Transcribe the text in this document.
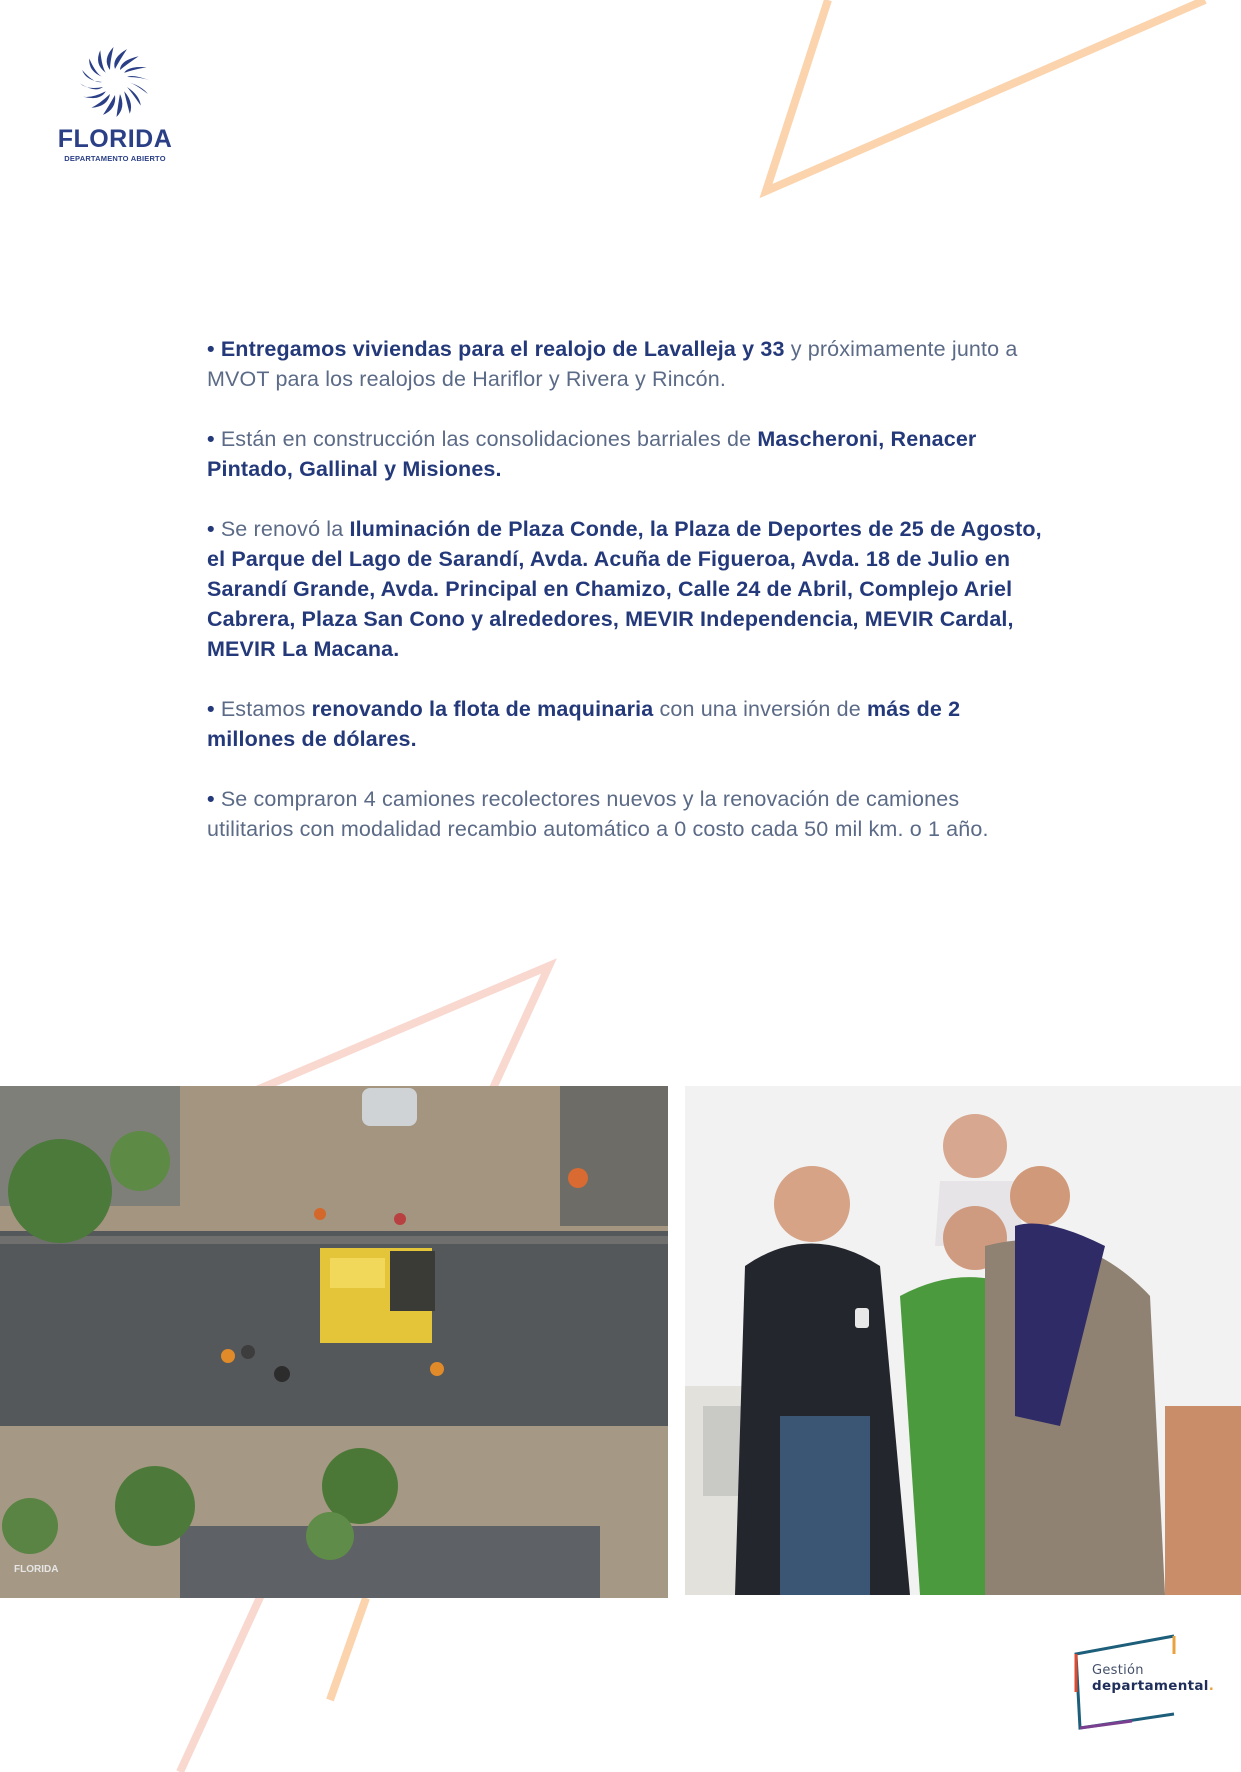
FLORIDA
DEPARTAMENTO ABIERTO

• Entregamos viviendas para el realojo de Lavalleja y 33 y próximamente junto a MVOT para los realojos de Hariflor y Rivera y Rincón.

• Están en construcción las consolidaciones barriales de Mascheroni, Renacer Pintado, Gallinal y Misiones.

• Se renovó la Iluminación de Plaza Conde, la Plaza de Deportes de 25 de Agosto, el Parque del Lago de Sarandí, Avda. Acuña de Figueroa, Avda. 18 de Julio en Sarandí Grande, Avda. Principal en Chamizo, Calle 24 de Abril, Complejo Ariel Cabrera, Plaza San Cono y alrededores, MEVIR Independencia, MEVIR Cardal, MEVIR La Macana.

• Estamos renovando la flota de maquinaria con una inversión de más de 2 millones de dólares.

• Se compraron 4 camiones recolectores nuevos y la renovación de camiones utilitarios con modalidad recambio automático a 0 costo cada 50 mil km. o 1 año.

FLORIDA
Gestión
departamental.
